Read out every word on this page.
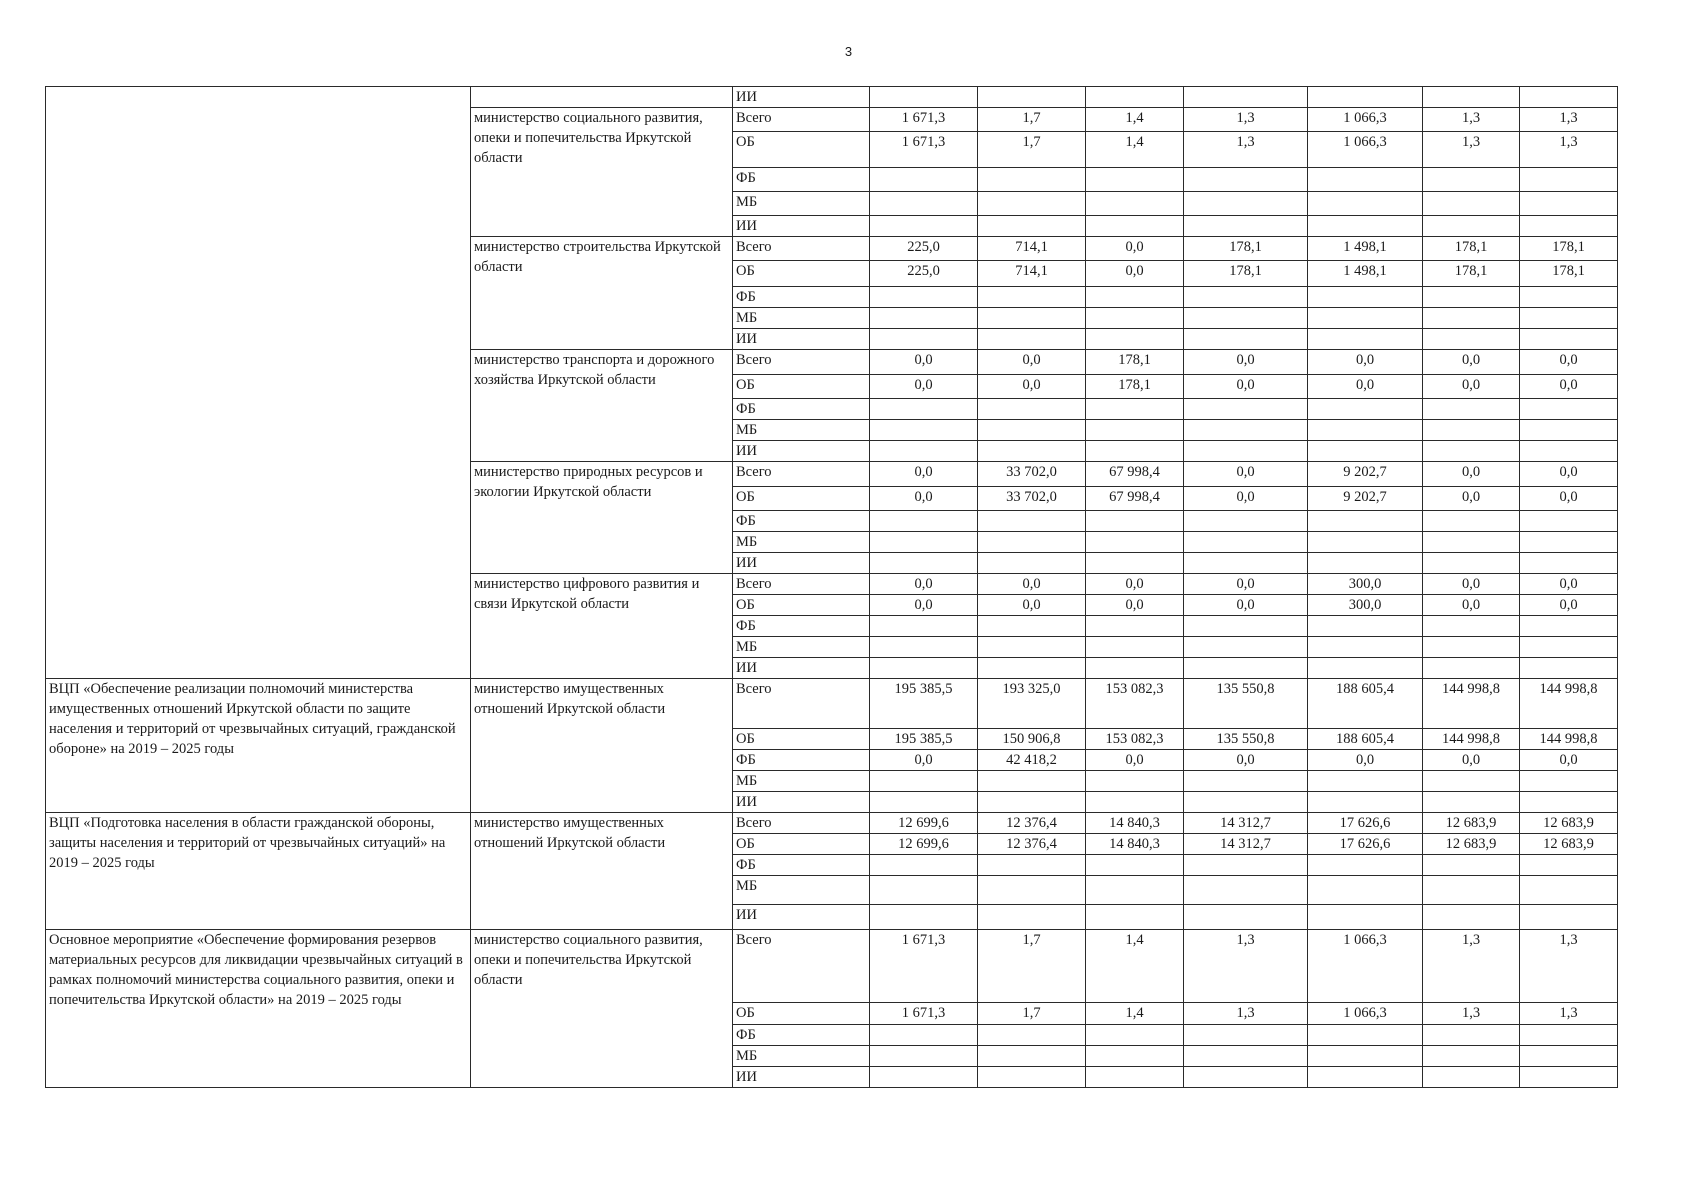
3
		ИИ							
	министерство социального развития, опеки и попечительства Иркутской области	Всего	1 671,3	1,7	1,4	1,3	1 066,3	1,3	1,3
		ОБ	1 671,3	1,7	1,4	1,3	1 066,3	1,3	1,3
		ФБ							
		МБ							
		ИИ							
	министерство строительства Иркутской области	Всего	225,0	714,1	0,0	178,1	1 498,1	178,1	178,1
		ОБ	225,0	714,1	0,0	178,1	1 498,1	178,1	178,1
		ФБ							
		МБ							
		ИИ							
	министерство транспорта и дорожного хозяйства Иркутской области	Всего	0,0	0,0	178,1	0,0	0,0	0,0	0,0
		ОБ	0,0	0,0	178,1	0,0	0,0	0,0	0,0
		ФБ							
		МБ							
		ИИ							
	министерство природных ресурсов и экологии Иркутской области	Всего	0,0	33 702,0	67 998,4	0,0	9 202,7	0,0	0,0
		ОБ	0,0	33 702,0	67 998,4	0,0	9 202,7	0,0	0,0
		ФБ							
		МБ							
		ИИ							
	министерство цифрового развития и связи Иркутской области	Всего	0,0	0,0	0,0	0,0	300,0	0,0	0,0
		ОБ	0,0	0,0	0,0	0,0	300,0	0,0	0,0
		ФБ							
		МБ							
		ИИ							
ВЦП «Обеспечение реализации полномочий министерства имущественных отношений Иркутской области по защите населения и территорий от чрезвычайных ситуаций, гражданской обороне» на 2019 – 2025 годы	министерство имущественных отношений Иркутской области	Всего	195 385,5	193 325,0	153 082,3	135 550,8	188 605,4	144 998,8	144 998,8
		ОБ	195 385,5	150 906,8	153 082,3	135 550,8	188 605,4	144 998,8	144 998,8
		ФБ	0,0	42 418,2	0,0	0,0	0,0	0,0	0,0
		МБ							
		ИИ							
ВЦП «Подготовка населения в области гражданской обороны, защиты населения и территорий от чрезвычайных ситуаций» на 2019 – 2025 годы	министерство имущественных отношений Иркутской области	Всего	12 699,6	12 376,4	14 840,3	14 312,7	17 626,6	12 683,9	12 683,9
		ОБ	12 699,6	12 376,4	14 840,3	14 312,7	17 626,6	12 683,9	12 683,9
		ФБ							
		МБ							
		ИИ							
Основное мероприятие «Обеспечение формирования резервов материальных ресурсов для ликвидации чрезвычайных ситуаций в рамках полномочий министерства социального развития, опеки и попечительства Иркутской области» на 2019 – 2025 годы	министерство социального развития, опеки и попечительства Иркутской области	Всего	1 671,3	1,7	1,4	1,3	1 066,3	1,3	1,3
		ОБ	1 671,3	1,7	1,4	1,3	1 066,3	1,3	1,3
		ФБ							
		МБ							
		ИИ							
